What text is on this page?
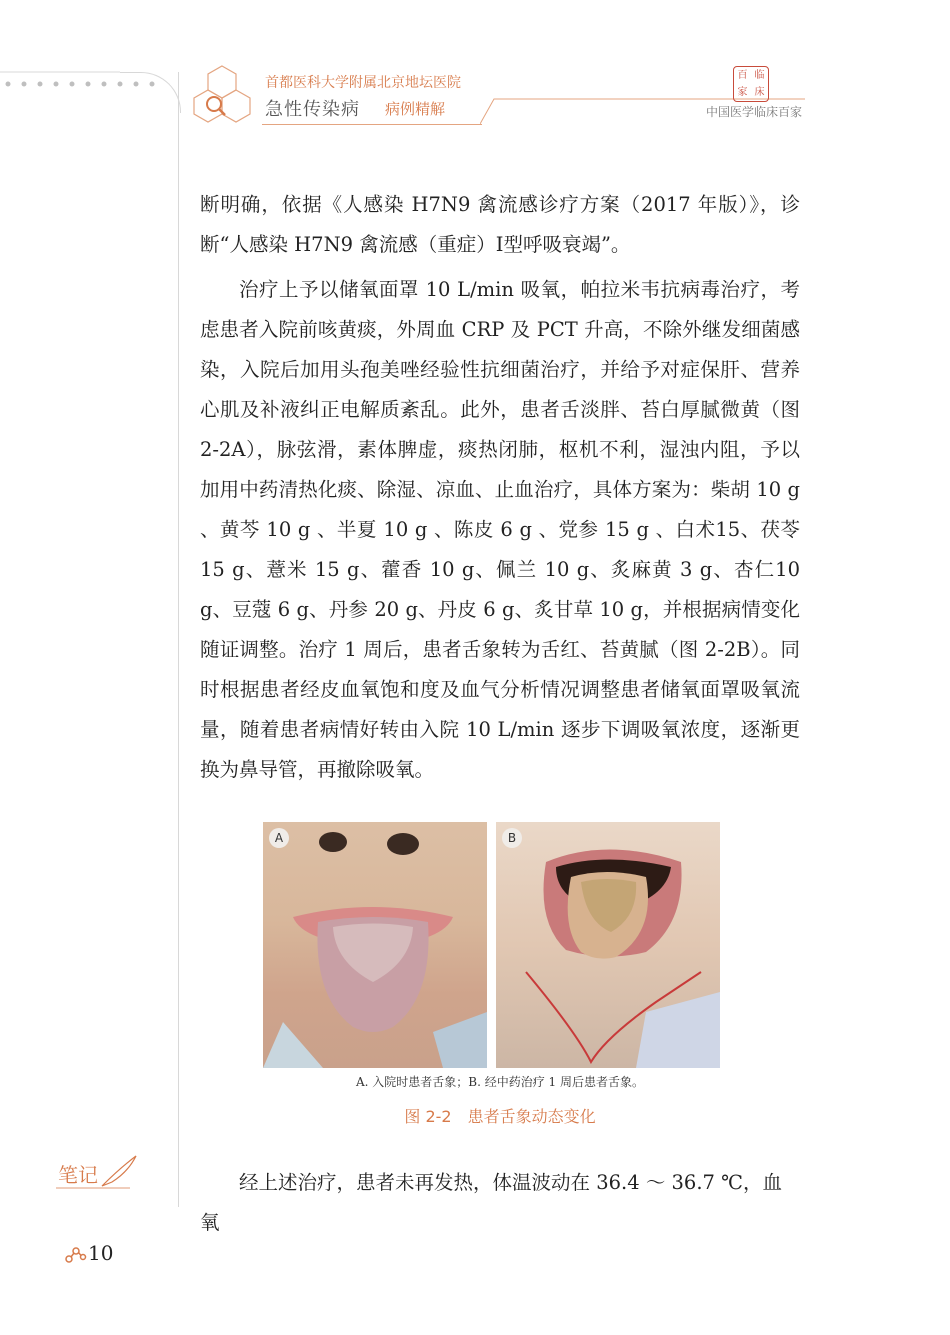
首都医科大学附属北京地坛医院
急性传染病 病例精解
百 临
家 床
中国医学临床百家

断明确，依据《人感染 H7N9 禽流感诊疗方案（2017 年版）》，诊断“人感染 H7N9 禽流感（重症）Ⅰ型呼吸衰竭”。

治疗上予以储氧面罩 10 L/min 吸氧，帕拉米韦抗病毒治疗，考虑患者入院前咳黄痰，外周血 CRP 及 PCT 升高，不除外继发细菌感染，入院后加用头孢美唑经验性抗细菌治疗，并给予对症保肝、营养心肌及补液纠正电解质紊乱。此外，患者舌淡胖、苔白厚腻微黄（图 2-2A），脉弦滑，素体脾虚，痰热闭肺，枢机不利，湿浊内阻，予以加用中药清热化痰、除湿、凉血、止血治疗，具体方案为：柴胡 10 g 、黄芩 10 g 、半夏 10 g 、陈皮 6 g 、党参 15 g 、白术15、茯苓 15 g、薏米 15 g、藿香 10 g、佩兰 10 g、炙麻黄 3 g、杏仁10 g、豆蔻 6 g、丹参 20 g、丹皮 6 g、炙甘草 10 g，并根据病情变化随证调整。治疗 1 周后，患者舌象转为舌红、苔黄腻（图 2-2B）。同时根据患者经皮血氧饱和度及血气分析情况调整患者储氧面罩吸氧流量，随着患者病情好转由入院 10 L/min 逐步下调吸氧浓度，逐渐更换为鼻导管，再撤除吸氧。

A	B
A. 入院时患者舌象；B. 经中药治疗 1 周后患者舌象。
图 2-2　患者舌象动态变化
经上述治疗，患者未再发热，体温波动在 36.4 ～ 36.7 ℃，血氧
笔记
10
